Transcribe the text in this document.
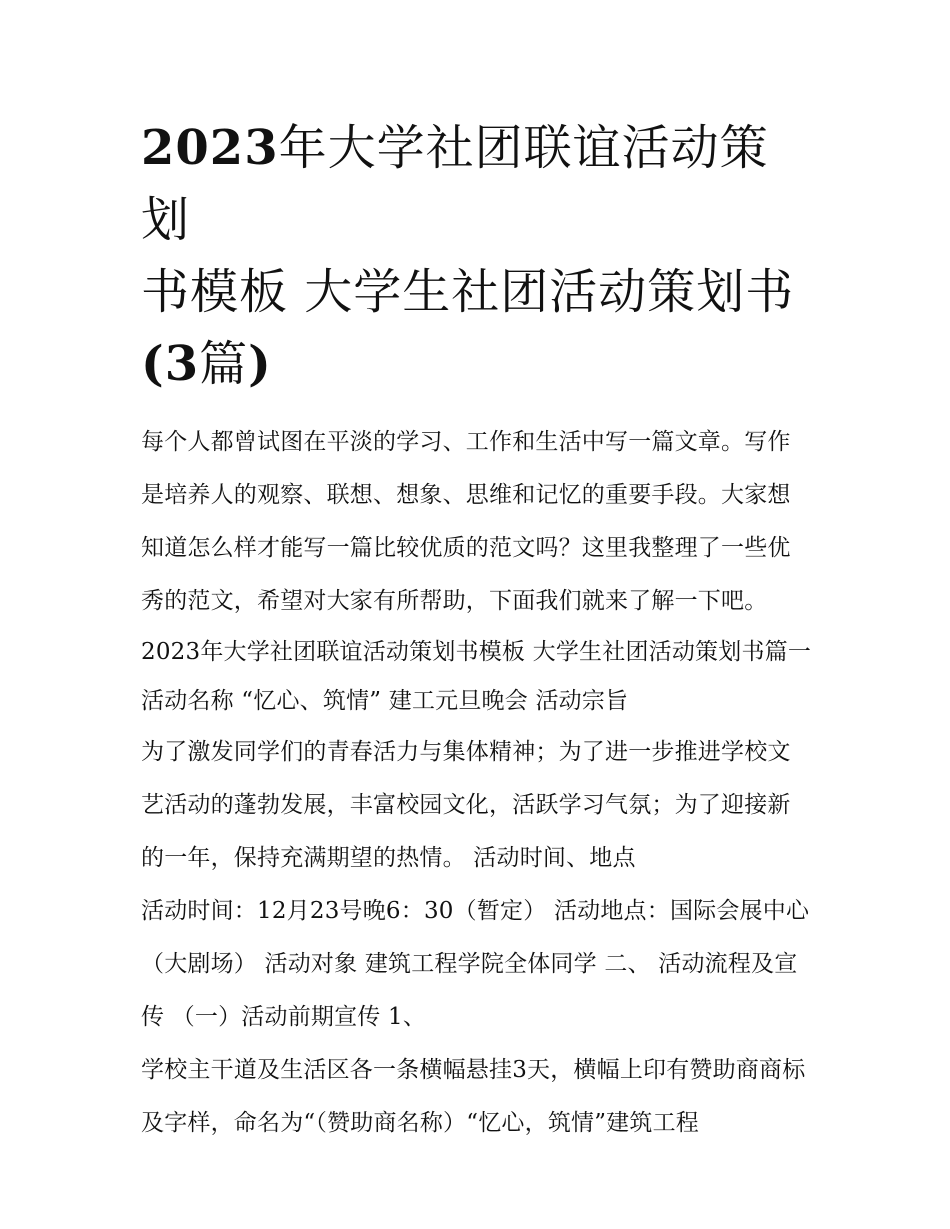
2023年大学社团联谊活动策划
书模板 大学生社团活动策划书
(3篇)

每个人都曾试图在平淡的学习、工作和生活中写一篇文章。写作是培养人的观察、联想、想象、思维和记忆的重要手段。大家想知道怎么样才能写一篇比较优质的范文吗？这里我整理了一些优秀的范文，希望对大家有所帮助，下面我们就来了解一下吧。

2023年大学社团联谊活动策划书模板 大学生社团活动策划书篇一 活动名称 “忆心、筑情” 建工元旦晚会 活动宗旨

为了激发同学们的青春活力与集体精神；为了进一步推进学校文艺活动的蓬勃发展，丰富校园文化，活跃学习气氛；为了迎接新的一年，保持充满期望的热情。 活动时间、地点

活动时间：12月23号晚6：30（暂定） 活动地点：国际会展中心（大剧场） 活动对象 建筑工程学院全体同学 二、 活动流程及宣传 （一）活动前期宣传 1、

学校主干道及生活区各一条横幅悬挂3天，横幅上印有赞助商商标及字样，命名为“（赞助商名称）“忆心，筑情”建筑工程
